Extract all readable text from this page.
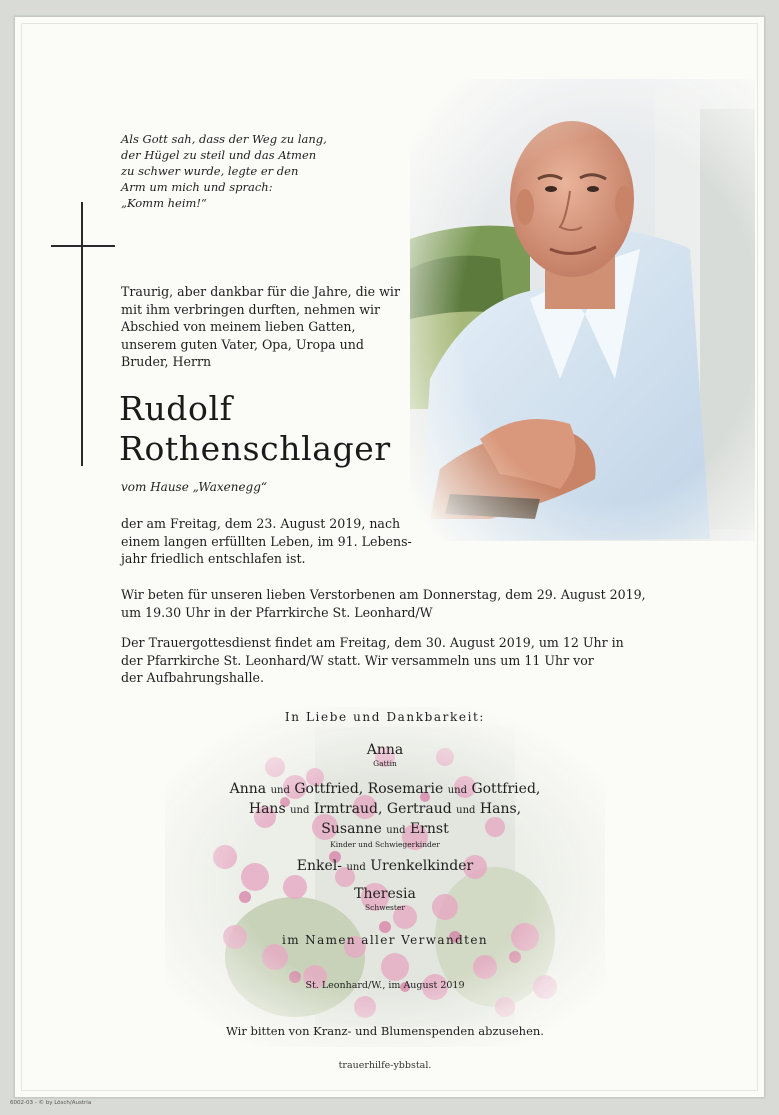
Als Gott sah, dass der Weg zu lang,
der Hügel zu steil und das Atmen
zu schwer wurde, legte er den
Arm um mich und sprach:
„Komm heim!“
Traurig, aber dankbar für die Jahre, die wir
mit ihm verbringen durften, nehmen wir
Abschied von meinem lieben Gatten,
unserem guten Vater, Opa, Uropa und
Bruder, Herrn
Rudolf
Rothenschlager
vom Hause „Waxenegg“
der am Freitag, dem 23. August 2019, nach
einem langen erfüllten Leben, im 91. Lebens-
jahr friedlich entschlafen ist.
Wir beten für unseren lieben Verstorbenen am Donnerstag, dem 29. August 2019,
um 19.30 Uhr in der Pfarrkirche St. Leonhard/W
Der Trauergottesdienst findet am Freitag, dem 30. August 2019, um 12 Uhr in
der Pfarrkirche St. Leonhard/W statt. Wir versammeln uns um 11 Uhr vor
der Aufbahrungshalle.
In Liebe und Dankbarkeit:
Anna
Gattin
Anna und Gottfried, Rosemarie und Gottfried,
Hans und Irmtraud, Gertraud und Hans,
Susanne und Ernst
Kinder und Schwiegerkinder
Enkel- und Urenkelkinder
Theresia
Schwester
im Namen aller Verwandten
St. Leonhard/W., im August 2019
Wir bitten von Kranz- und Blumenspenden abzusehen.
trauerhilfe-ybbstal.
6002-03 - © by Lösch/Austria
